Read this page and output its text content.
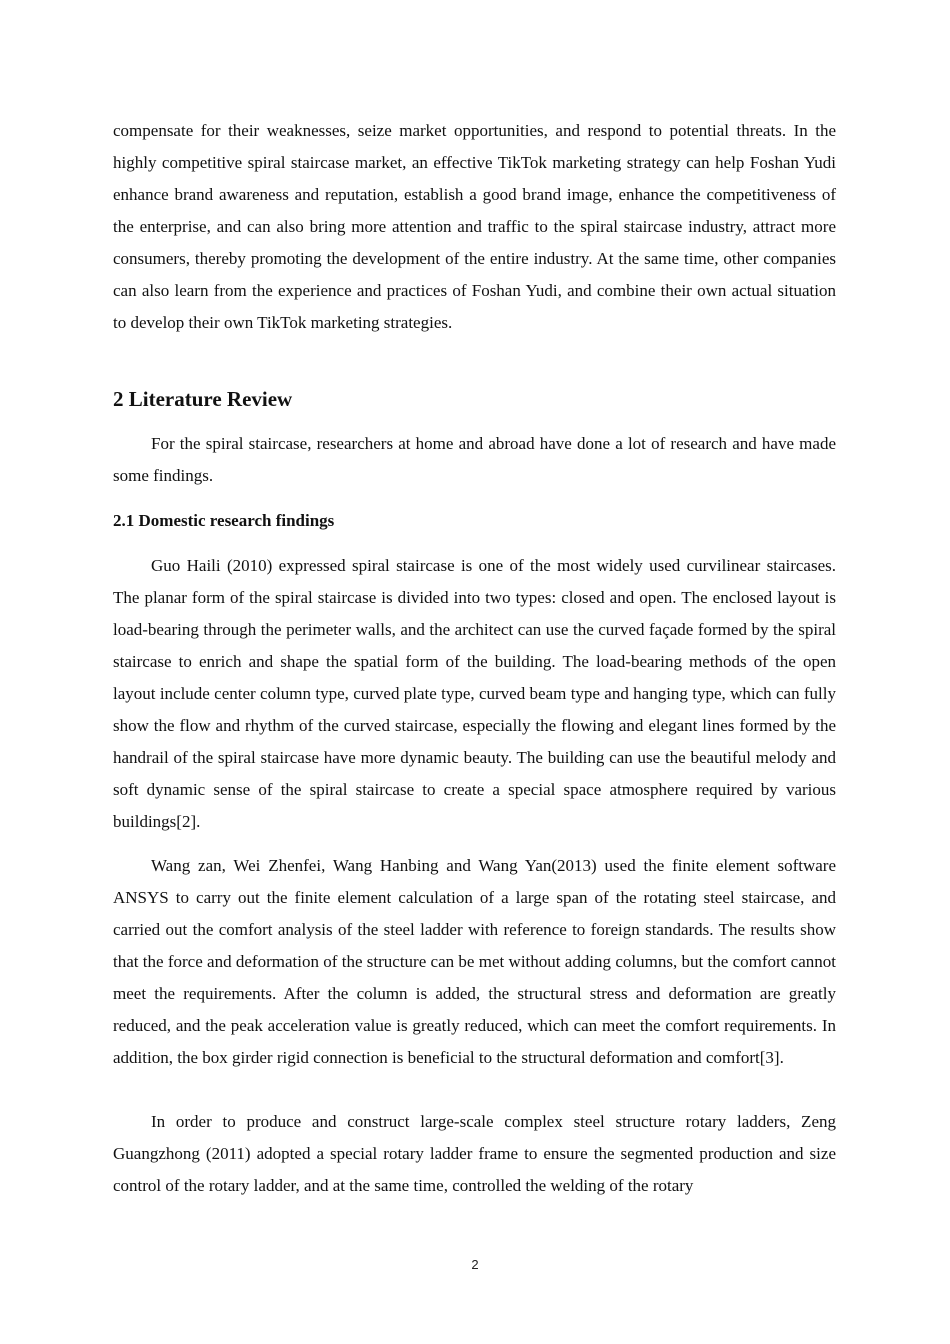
compensate for their weaknesses, seize market opportunities, and respond to potential threats. In the highly competitive spiral staircase market, an effective TikTok marketing strategy can help Foshan Yudi enhance brand awareness and reputation, establish a good brand image, enhance the competitiveness of the enterprise, and can also bring more attention and traffic to the spiral staircase industry, attract more consumers, thereby promoting the development of the entire industry. At the same time, other companies can also learn from the experience and practices of Foshan Yudi, and combine their own actual situation to develop their own TikTok marketing strategies.

2 Literature Review

For the spiral staircase, researchers at home and abroad have done a lot of research and have made some findings.

2.1 Domestic research findings

Guo Haili (2010) expressed spiral staircase is one of the most widely used curvilinear staircases. The planar form of the spiral staircase is divided into two types: closed and open. The enclosed layout is load-bearing through the perimeter walls, and the architect can use the curved façade formed by the spiral staircase to enrich and shape the spatial form of the building. The load-bearing methods of the open layout include center column type, curved plate type, curved beam type and hanging type, which can fully show the flow and rhythm of the curved staircase, especially the flowing and elegant lines formed by the handrail of the spiral staircase have more dynamic beauty. The building can use the beautiful melody and soft dynamic sense of the spiral staircase to create a special space atmosphere required by various buildings[2].

Wang zan, Wei Zhenfei, Wang Hanbing and Wang Yan(2013) used the finite element software ANSYS to carry out the finite element calculation of a large span of the rotating steel staircase, and carried out the comfort analysis of the steel ladder with reference to foreign standards. The results show that the force and deformation of the structure can be met without adding columns, but the comfort cannot meet the requirements. After the column is added, the structural stress and deformation are greatly reduced, and the peak acceleration value is greatly reduced, which can meet the comfort requirements. In addition, the box girder rigid connection is beneficial to the structural deformation and comfort[3].

In order to produce and construct large-scale complex steel structure rotary ladders, Zeng Guangzhong (2011) adopted a special rotary ladder frame to ensure the segmented production and size control of the rotary ladder, and at the same time, controlled the welding of the rotary

2
